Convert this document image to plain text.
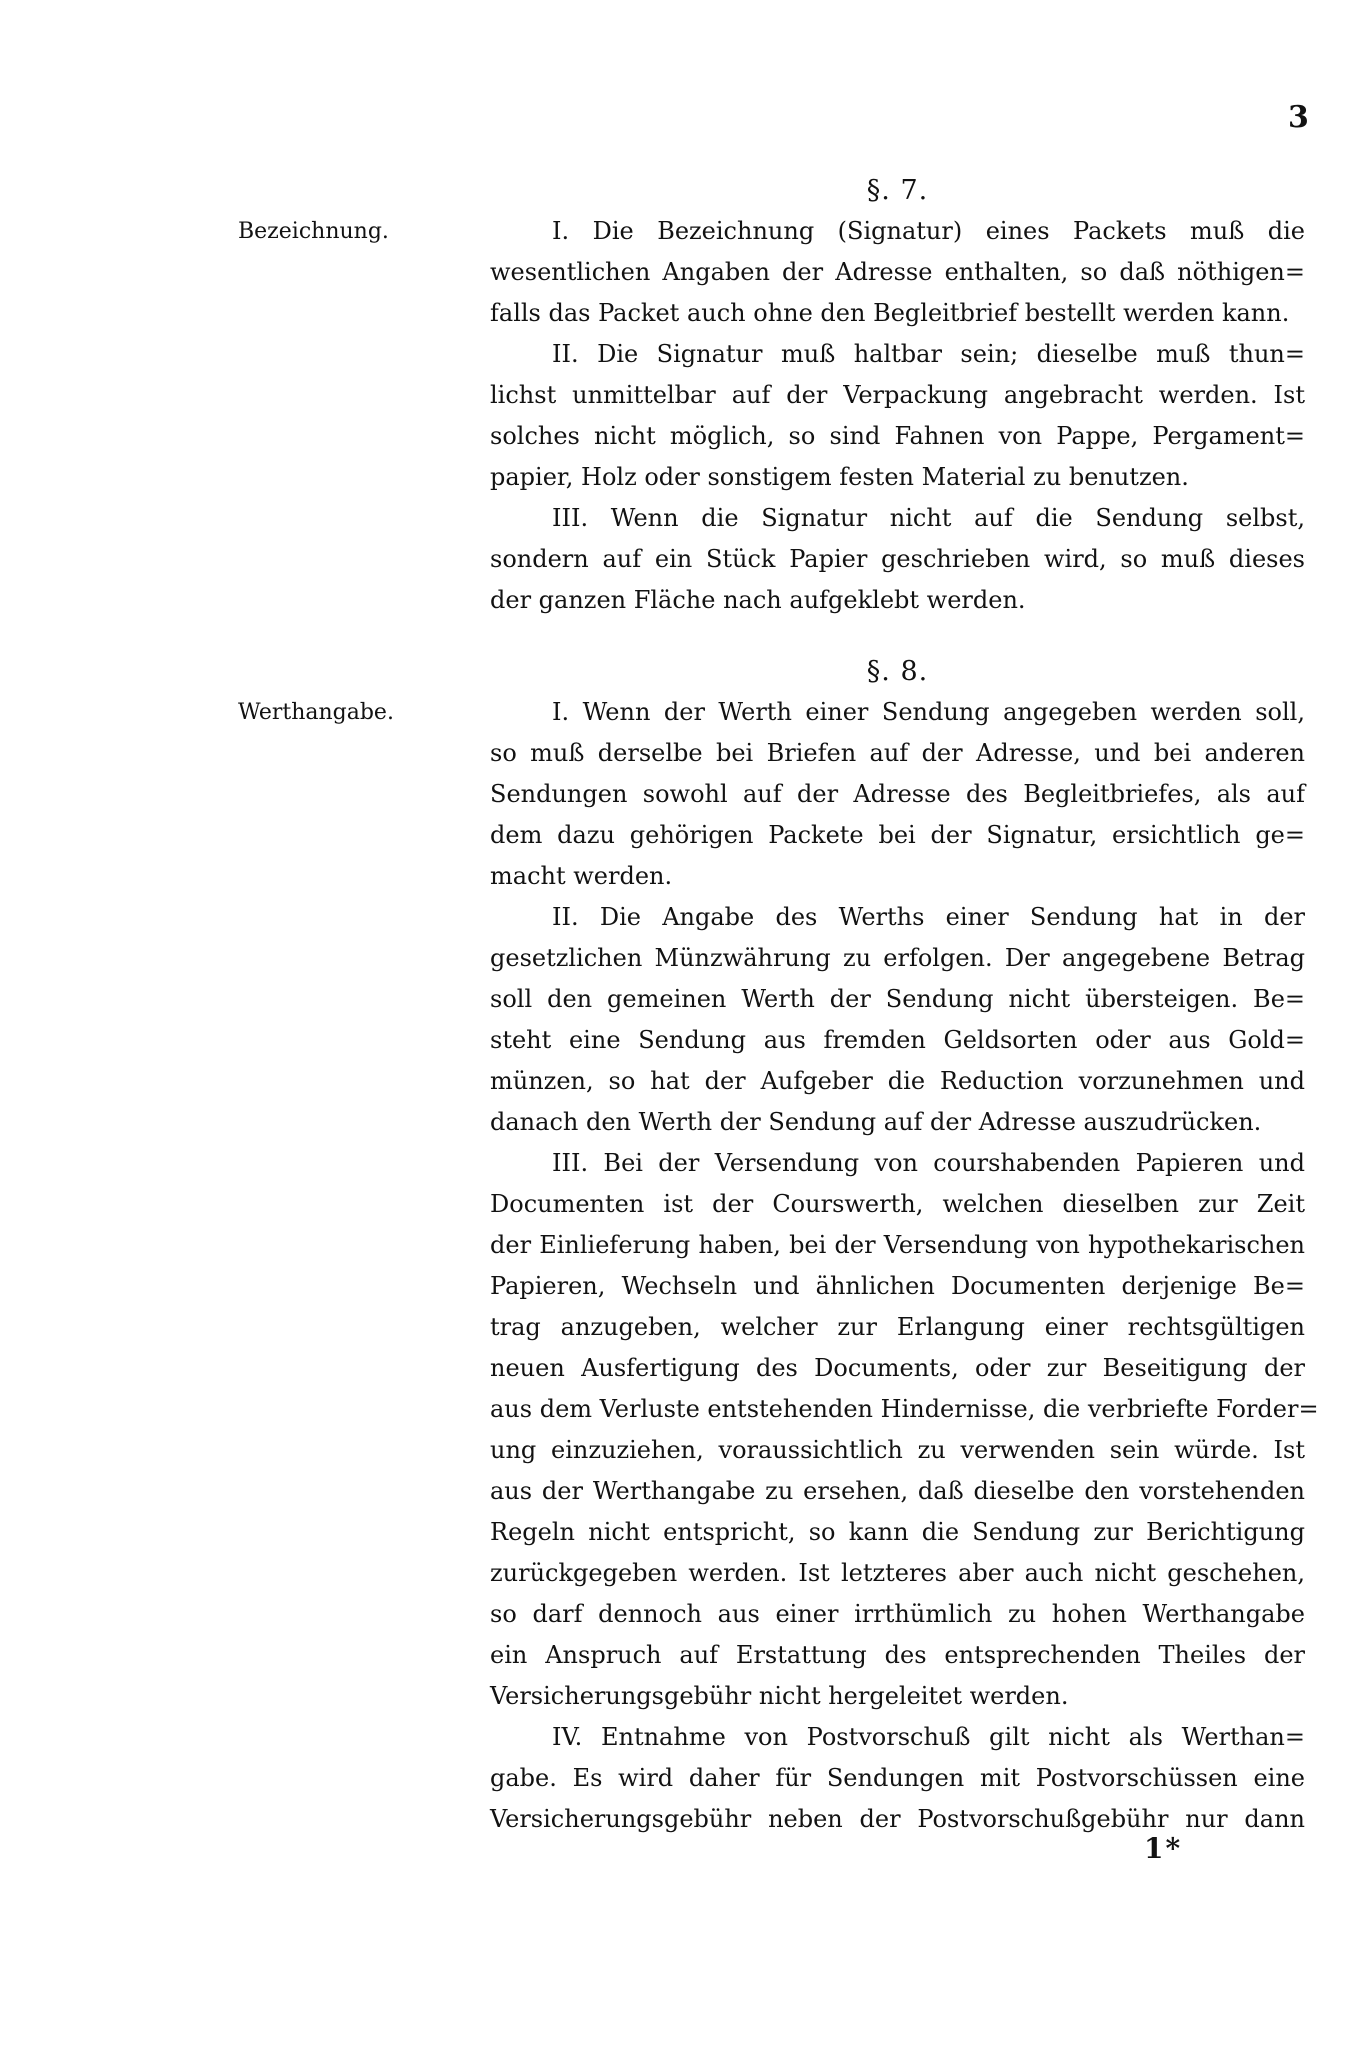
3
§. 7.
Bezeichnung.	I. Die Bezeichnung (Signatur) eines Packets muß die
wesentlichen Angaben der Adresse enthalten, so daß nöthigen=
falls das Packet auch ohne den Begleitbrief bestellt werden kann.
II. Die Signatur muß haltbar sein; dieselbe muß thun=
lichst unmittelbar auf der Verpackung angebracht werden. Ist
solches nicht möglich, so sind Fahnen von Pappe, Pergament=
papier, Holz oder sonstigem festen Material zu benutzen.
III. Wenn die Signatur nicht auf die Sendung selbst,
sondern auf ein Stück Papier geschrieben wird, so muß dieses
der ganzen Fläche nach aufgeklebt werden.
§. 8.
Werthangabe.	I. Wenn der Werth einer Sendung angegeben werden soll,
so muß derselbe bei Briefen auf der Adresse, und bei anderen
Sendungen sowohl auf der Adresse des Begleitbriefes, als auf
dem dazu gehörigen Packete bei der Signatur, ersichtlich ge=
macht werden.
II. Die Angabe des Werths einer Sendung hat in der
gesetzlichen Münzwährung zu erfolgen. Der angegebene Betrag
soll den gemeinen Werth der Sendung nicht übersteigen. Be=
steht eine Sendung aus fremden Geldsorten oder aus Gold=
münzen, so hat der Aufgeber die Reduction vorzunehmen und
danach den Werth der Sendung auf der Adresse auszudrücken.
III. Bei der Versendung von courshabenden Papieren und
Documenten ist der Courswerth, welchen dieselben zur Zeit
der Einlieferung haben, bei der Versendung von hypothekarischen
Papieren, Wechseln und ähnlichen Documenten derjenige Be=
trag anzugeben, welcher zur Erlangung einer rechtsgültigen
neuen Ausfertigung des Documents, oder zur Beseitigung der
aus dem Verluste entstehenden Hindernisse, die verbriefte Forder=
ung einzuziehen, voraussichtlich zu verwenden sein würde. Ist
aus der Werthangabe zu ersehen, daß dieselbe den vorstehenden
Regeln nicht entspricht, so kann die Sendung zur Berichtigung
zurückgegeben werden. Ist letzteres aber auch nicht geschehen,
so darf dennoch aus einer irrthümlich zu hohen Werthangabe
ein Anspruch auf Erstattung des entsprechenden Theiles der
Versicherungsgebühr nicht hergeleitet werden.
IV. Entnahme von Postvorschuß gilt nicht als Werthan=
gabe. Es wird daher für Sendungen mit Postvorschüssen eine
Versicherungsgebühr neben der Postvorschußgebühr nur dann
1*
